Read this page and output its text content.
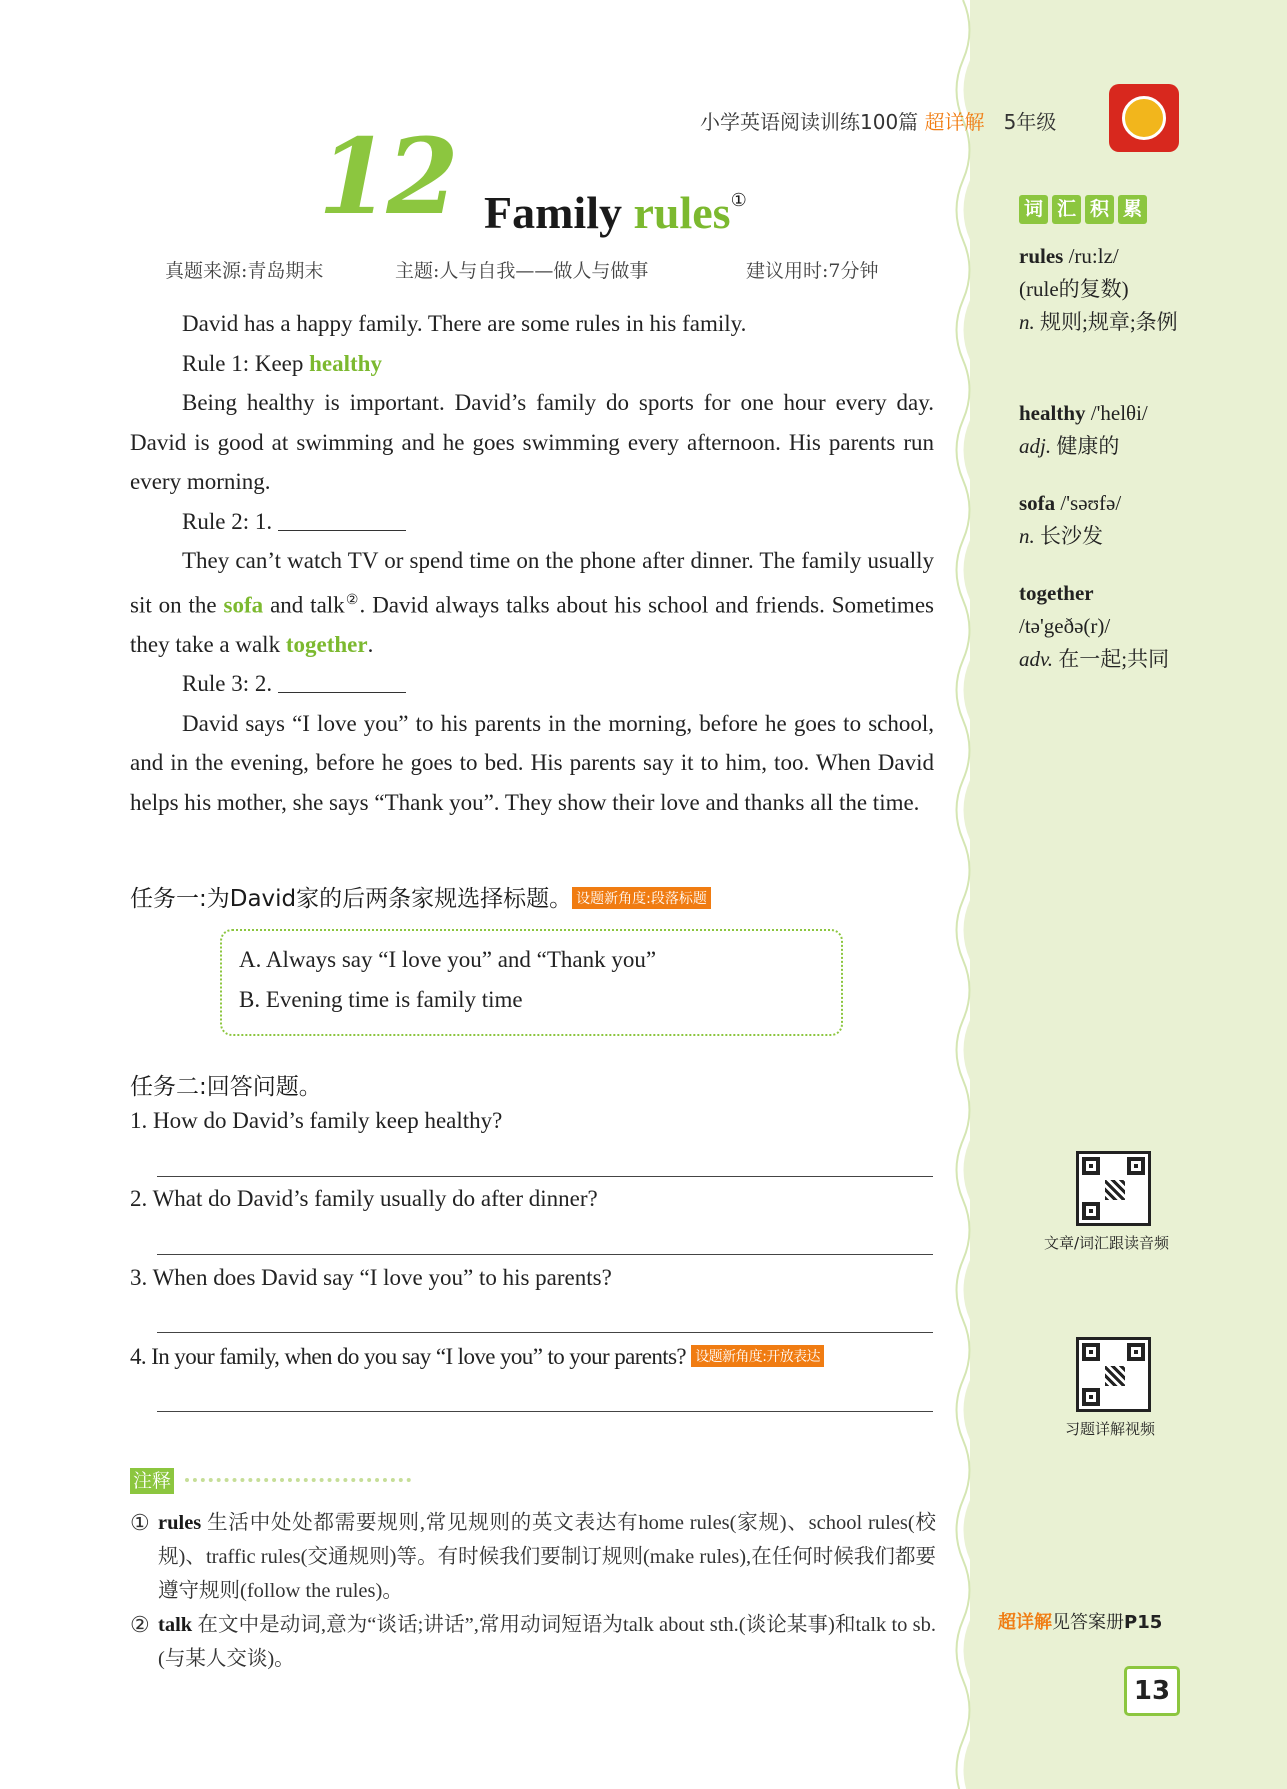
小学英语阅读训练100篇 超详解 5年级
12 Family rules①
真题来源:青岛期末	主题:人与自我——做人与做事	建议用时:7分钟

David has a happy family. There are some rules in his family.

Rule 1: Keep healthy

Being healthy is important. David’s family do sports for one hour every day. David is good at swimming and he goes swimming every afternoon. His parents run every morning.

Rule 2: 1.

They can’t watch TV or spend time on the phone after dinner. The family usually sit on the sofa and talk②. David always talks about his school and friends. Sometimes they take a walk together.

Rule 3: 2.

David says “I love you” to his parents in the morning, before he goes to school, and in the evening, before he goes to bed. His parents say it to him, too. When David helps his mother, she says “Thank you”. They show their love and thanks all the time.

任务一:为David家的后两条家规选择标题。 设题新角度:段落标题
A. Always say “I love you” and “Thank you”
B. Evening time is family time
任务二:回答问题。
1. How do David’s family keep healthy?
2. What do David’s family usually do after dinner?
3. When does David say “I love you” to his parents?
4. In your family, when do you say “I love you” to your parents? 设题新角度:开放表达
注释
① rules 生活中处处都需要规则,常见规则的英文表达有home rules(家规)、school rules(校规)、traffic rules(交通规则)等。有时候我们要制订规则(make rules),在任何时候我们都要遵守规则(follow the rules)。
② talk 在文中是动词,意为“谈话;讲话”,常用动词短语为talk about sth.(谈论某事)和talk to sb.(与某人交谈)。
词 汇 积 累
rules /ru:lz/
(rule的复数)
n. 规则;规章;条例
healthy /'helθi/
adj. 健康的
sofa /'səʊfə/
n. 长沙发
together
/tə'geðə(r)/
adv. 在一起;共同
文章/词汇跟读音频
习题详解视频
超详解见答案册P15
13
